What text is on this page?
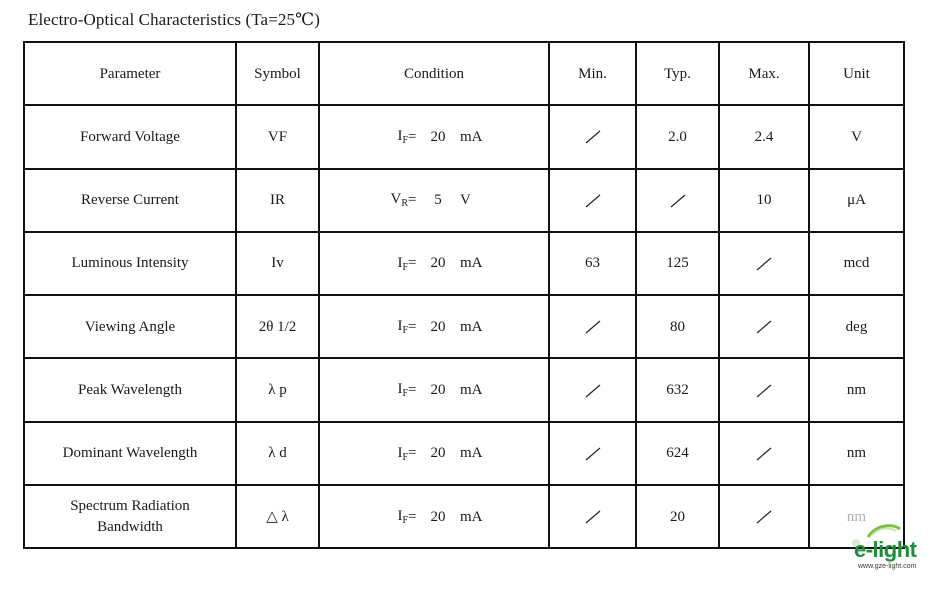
Electro-Optical Characteristics (Ta=25℃)
Parameter	Symbol	Condition	Min.	Typ.	Max.	Unit
Forward Voltage	VF	$I_F = 20$ mA		2.0	2.4	V
Reverse Current	IR	$V_R = 5$ V			10	μA
Luminous Intensity	Iv	$I_F = 20$ mA	63	125		mcd
Viewing Angle	2θ 1/2	$I_F = 20$ mA		80		deg
Peak Wavelength	λ p	$I_F = 20$ mA		632		nm
Dominant Wavelength	λ d	$I_F = 20$ mA		624		nm
Spectrum Radiation
Bandwidth	△ λ	$I_F = 20$ mA		20		nm
e-light
www.gze-light.com
